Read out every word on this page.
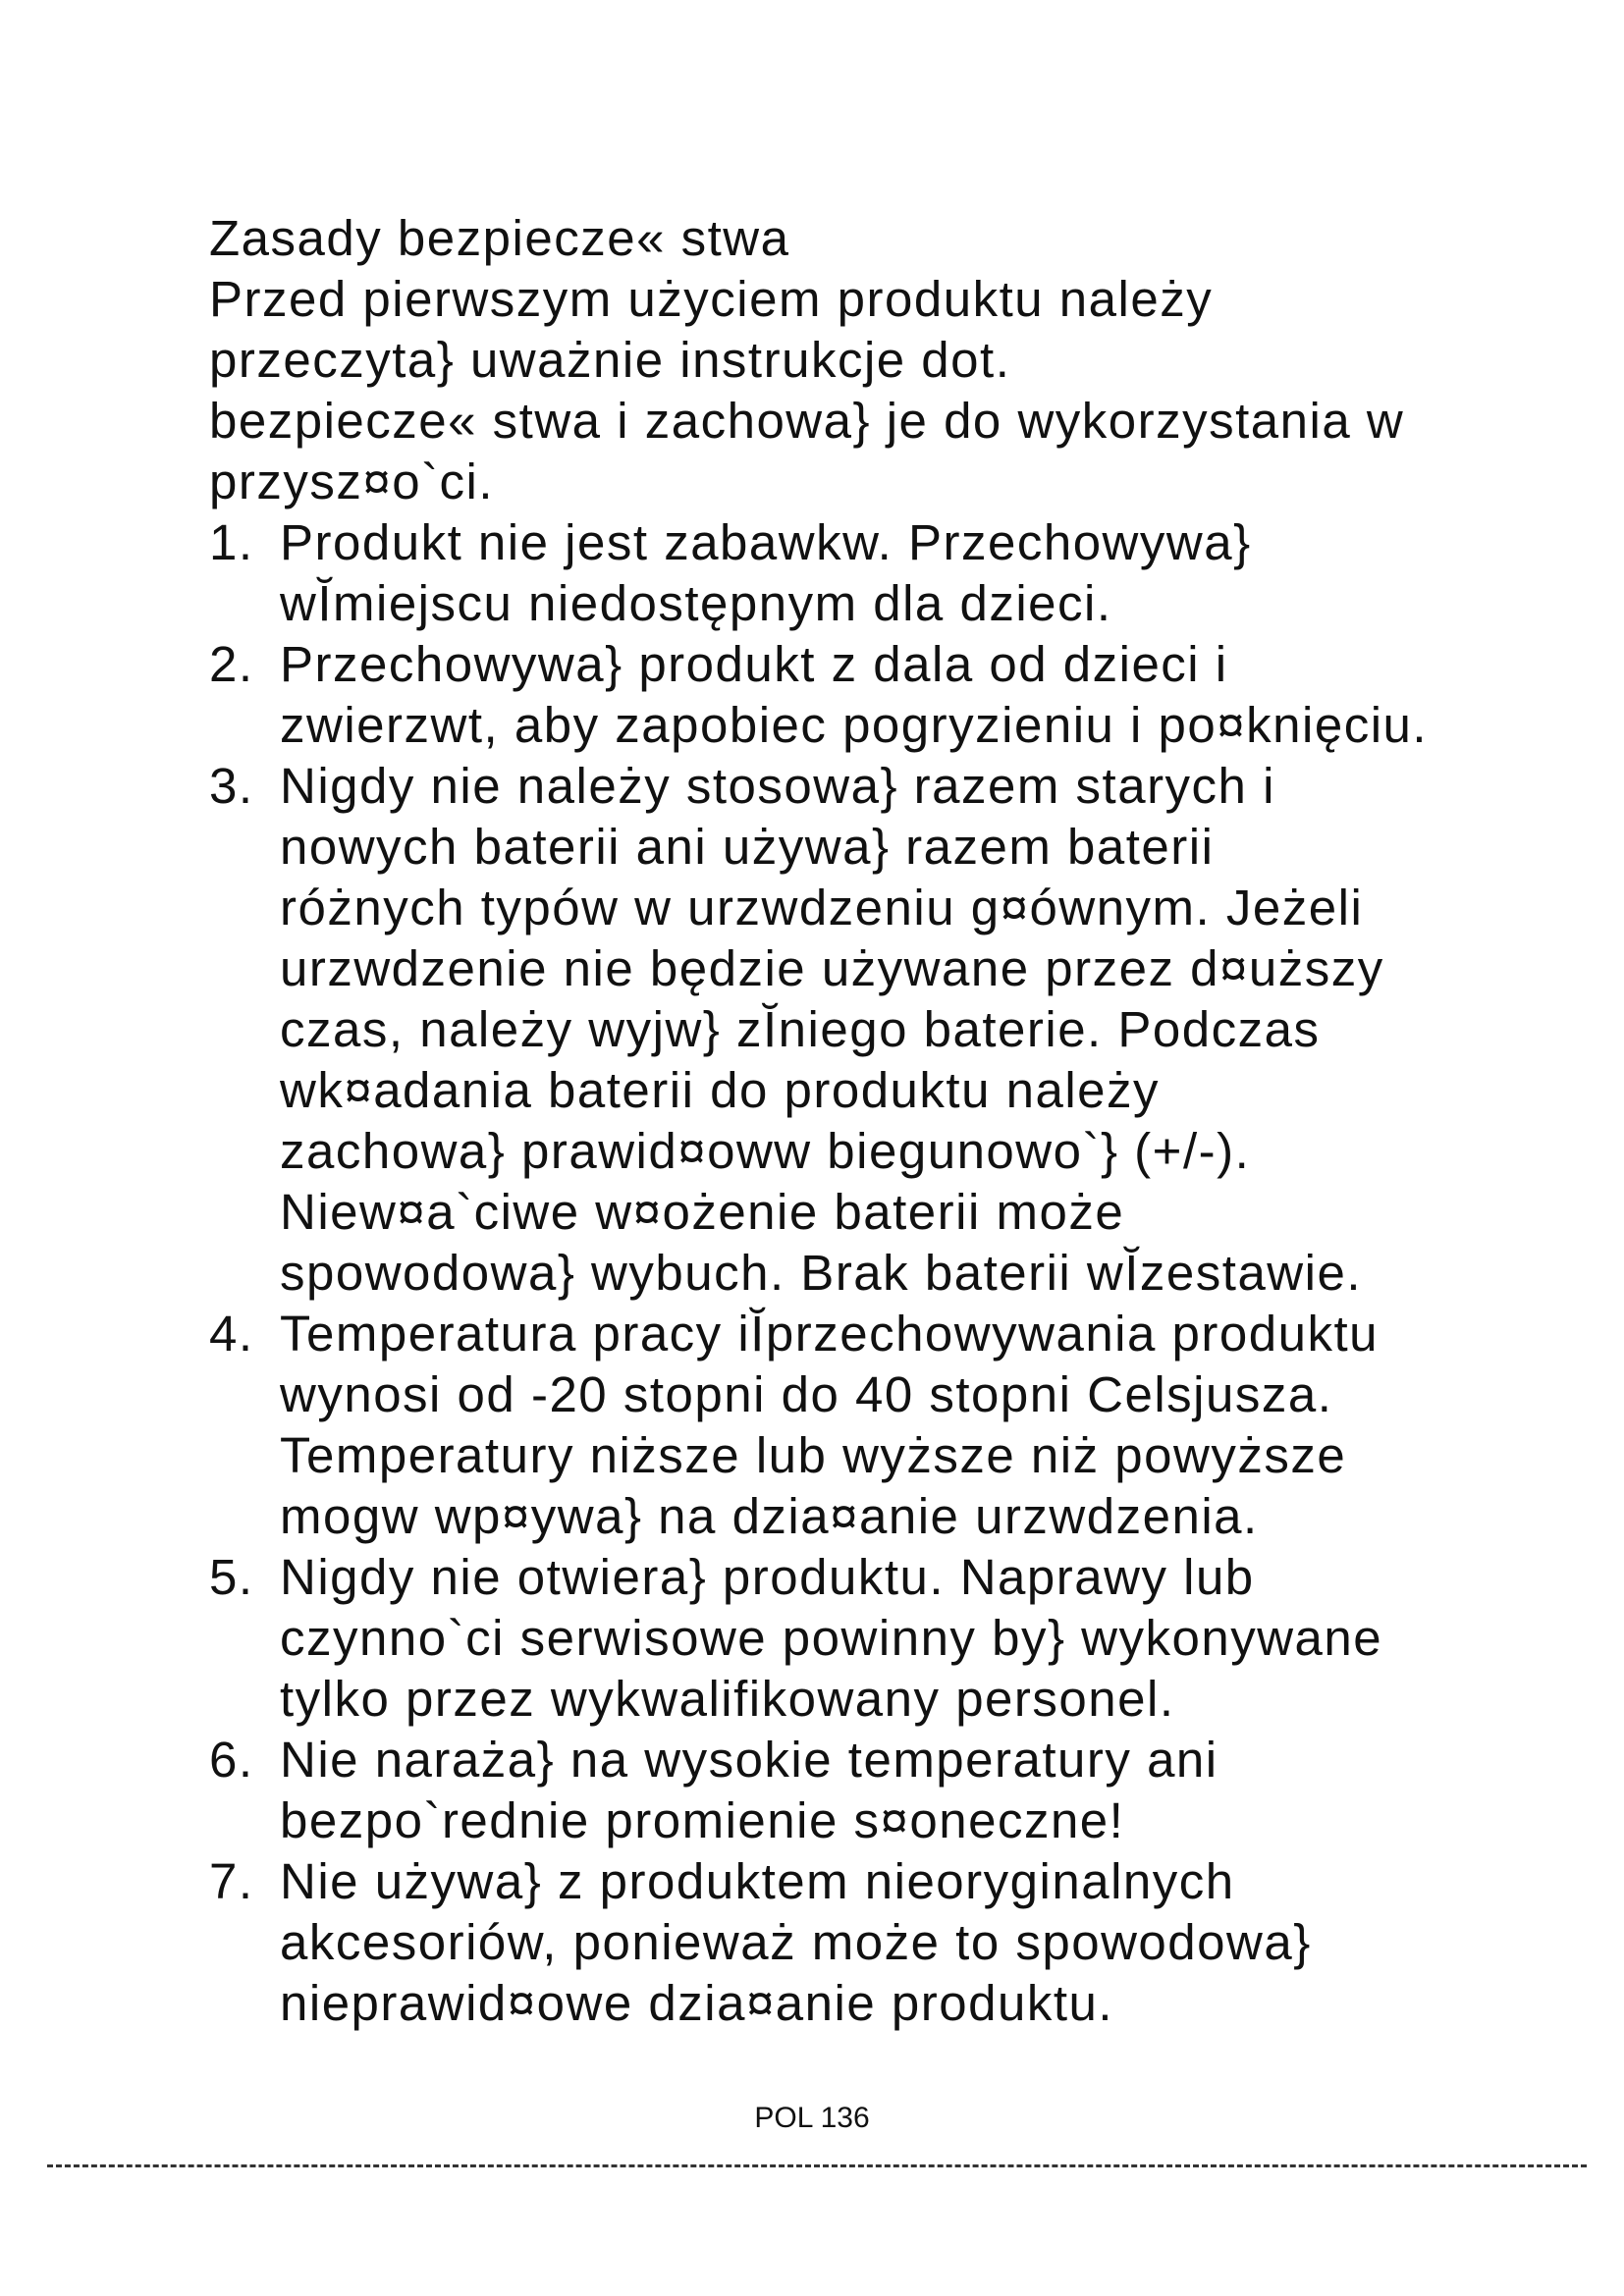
Zasady bezpiecze« stwa
Przed pierwszym użyciem produktu należy
przeczyta} uważnie instrukcje dot.
bezpiecze« stwa i zachowa} je do wykorzystania w
przysz¤o`ci.
1. Produkt nie jest zabawkw. Przechowywa}
wĬmiejscu niedostępnym dla dzieci.
2. Przechowywa} produkt z dala od dzieci i
zwierzwt, aby zapobiec pogryzieniu i po¤knięciu.
3. Nigdy nie należy stosowa} razem starych i
nowych baterii ani używa} razem baterii
różnych typów w urzwdzeniu g¤ównym. Jeżeli
urzwdzenie nie będzie używane przez d¤uższy
czas, należy wyjw} zĬniego baterie. Podczas
wk¤adania baterii do produktu należy
zachowa} prawid¤oww biegunowo`} (+/-).
Niew¤a`ciwe w¤ożenie baterii może
spowodowa} wybuch. Brak baterii wĬzestawie.
4. Temperatura pracy iĬprzechowywania produktu
wynosi od -20 stopni do 40 stopni Celsjusza.
Temperatury niższe lub wyższe niż powyższe
mogw wp¤ywa} na dzia¤anie urzwdzenia.
5. Nigdy nie otwiera} produktu. Naprawy lub
czynno`ci serwisowe powinny by} wykonywane
tylko przez wykwalifikowany personel.
6. Nie naraża} na wysokie temperatury ani
bezpo`rednie promienie s¤oneczne!
7. Nie używa} z produktem nieoryginalnych
akcesoriów, ponieważ może to spowodowa}
nieprawid¤owe dzia¤anie produktu.
POL 136
